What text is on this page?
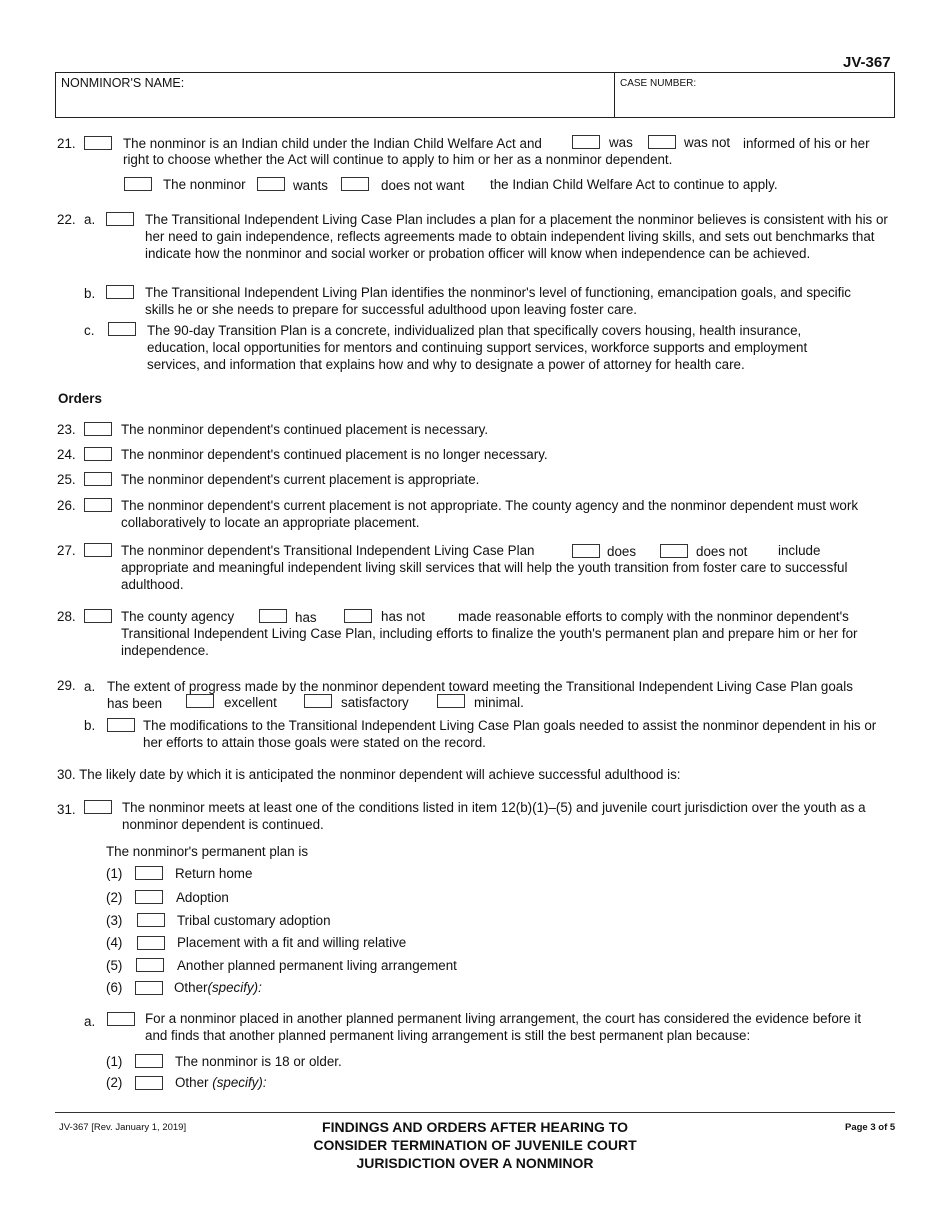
JV-367
NONMINOR'S NAME:	CASE NUMBER:
21.	The nonminor is an Indian child under the Indian Child Welfare Act and	was	was not informed of his or her
right to choose whether the Act will continue to apply to him or her as a nonminor dependent.
The nonminor	wants	does not want the Indian Child Welfare Act to continue to apply.
22. a.	The Transitional Independent Living Case Plan includes a plan for a placement the nonminor believes is consistent with his or her need to gain independence, reflects agreements made to obtain independent living skills, and sets out benchmarks that indicate how the nonminor and social worker or probation officer will know when independence can be achieved.
b.	The Transitional Independent Living Plan identifies the nonminor's level of functioning, emancipation goals, and specific skills he or she needs to prepare for successful adulthood upon leaving foster care.
c.	The 90-day Transition Plan is a concrete, individualized plan that specifically covers housing, health insurance, education, local opportunities for mentors and continuing support services, workforce supports and employment services, and information that explains how and why to designate a power of attorney for health care.
Orders
23.	The nonminor dependent's continued placement is necessary.
24.	The nonminor dependent's continued placement is no longer necessary.
25.	The nonminor dependent's current placement is appropriate.
26.	The nonminor dependent's current placement is not appropriate. The county agency and the nonminor dependent must work collaboratively to locate an appropriate placement.
27.	The nonminor dependent's Transitional Independent Living Case Plan	does	does not include
appropriate and meaningful independent living skill services that will help the youth transition from foster care to successful adulthood.
28.	The county agency	has	has not made reasonable efforts to comply with the nonminor dependent's
Transitional Independent Living Case Plan, including efforts to finalize the youth's permanent plan and prepare him or her for independence.
29. a. The extent of progress made by the nonminor dependent toward meeting the Transitional Independent Living Case Plan goals
has been	excellent	satisfactory	minimal.
b.	The modifications to the Transitional Independent Living Case Plan goals needed to assist the nonminor dependent in his or her efforts to attain those goals were stated on the record.
30. The likely date by which it is anticipated the nonminor dependent will achieve successful adulthood is:
31.	The nonminor meets at least one of the conditions listed in item 12(b)(1)–(5) and juvenile court jurisdiction over the youth as a nonminor dependent is continued.
The nonminor's permanent plan is
(1)	Return home
(2)	Adoption
(3)	Tribal customary adoption
(4)	Placement with a fit and willing relative
(5)	Another planned permanent living arrangement
(6)	Other(specify):
a.	For a nonminor placed in another planned permanent living arrangement, the court has considered the evidence before it and finds that another planned permanent living arrangement is still the best permanent plan because:
(1)	The nonminor is 18 or older.
(2)	Other (specify):
JV-367 [Rev. January 1, 2019]	FINDINGS AND ORDERS AFTER HEARING TO
CONSIDER TERMINATION OF JUVENILE COURT
JURISDICTION OVER A NONMINOR
Page 3 of 5
